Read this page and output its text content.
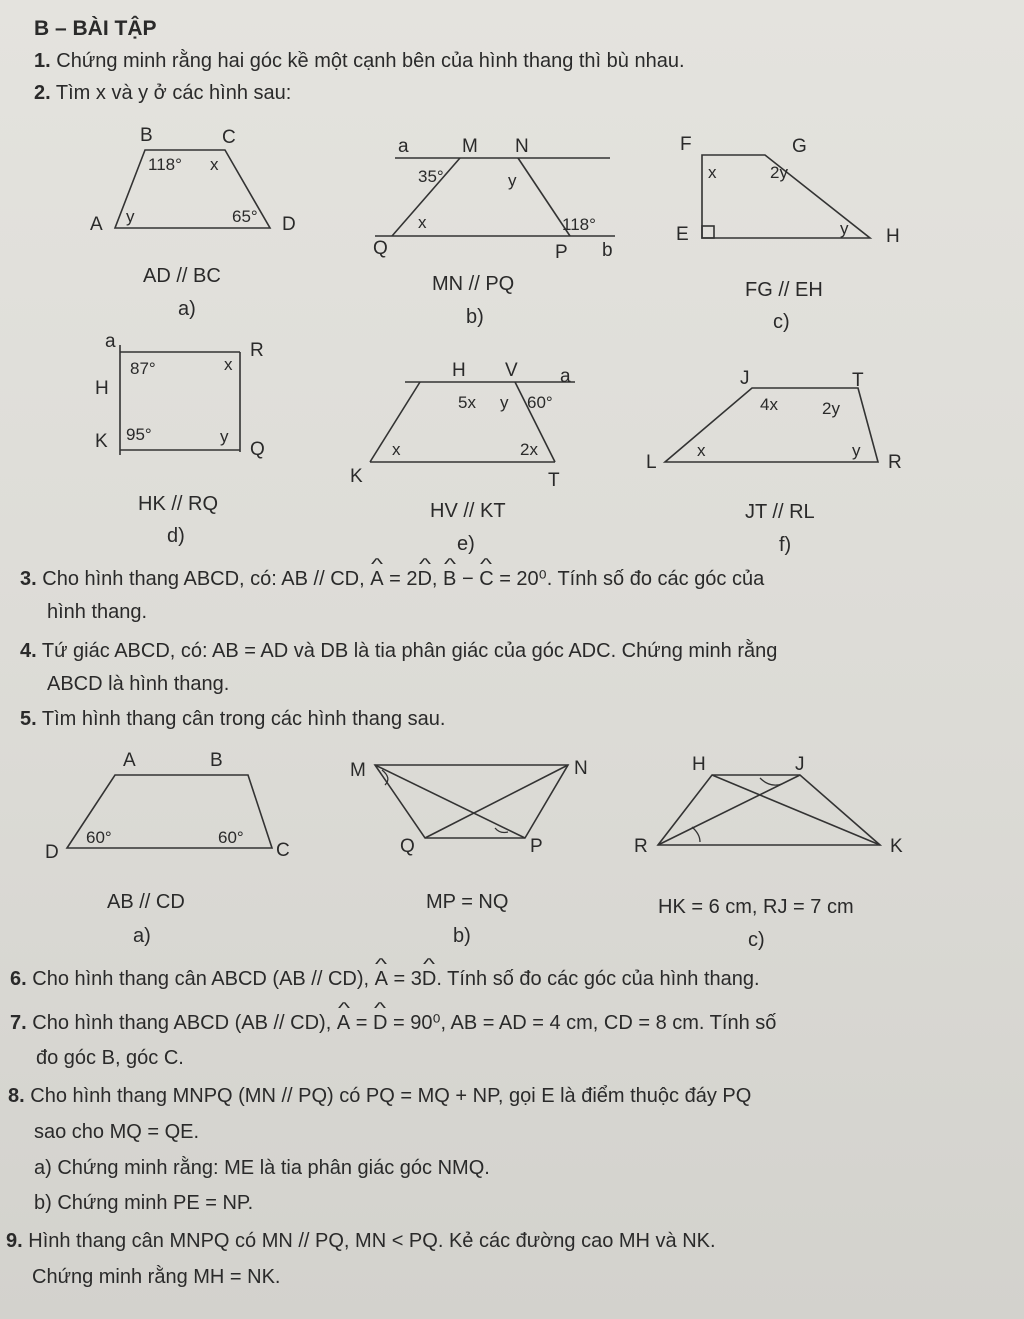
B – BÀI TẬP
1. Chứng minh rằng hai góc kề một cạnh bên của hình thang thì bù nhau.
2. Tìm x và y ở các hình sau:
B	C
A	D
118° x
y	65°
a	M N
Q	P b
35°	y
x	118°
F	G
E	H
x	2y
y
a	R
H
K	Q
87°	x
95°	y
H V a
K	T
5x y 60°
x	2x
J	T
L	R
4x	2y
x	y
A	B
D	C
60°	60°
M	N
Q	P
H	J
R	K
AD // BC
a)
MN // PQ
b)
FG // EH
c)
HK // RQ
d)
HV // KT
e)
JT // RL
f)
3. Cho hình thang ABCD, có: AB // CD, ^ A = 2^ D, ^ B − ^ C = 20⁰. Tính số đo các góc của
hình thang.
4. Tứ giác ABCD, có: AB = AD và DB là tia phân giác của góc ADC. Chứng minh rằng
ABCD là hình thang.
5. Tìm hình thang cân trong các hình thang sau.
AB // CD
a)
MP = NQ
b)
HK = 6 cm, RJ = 7 cm
c)
6. Cho hình thang cân ABCD (AB // CD), ^ A = 3^ D. Tính số đo các góc của hình thang.
7. Cho hình thang ABCD (AB // CD), ^ A = ^ D = 90⁰, AB = AD = 4 cm, CD = 8 cm. Tính số
đo góc B, góc C.
8. Cho hình thang MNPQ (MN // PQ) có PQ = MQ + NP, gọi E là điểm thuộc đáy PQ
sao cho MQ = QE.
a) Chứng minh rằng: ME là tia phân giác góc NMQ.
b) Chứng minh PE = NP.
9. Hình thang cân MNPQ có MN // PQ, MN < PQ. Kẻ các đường cao MH và NK.
Chứng minh rằng MH = NK.
